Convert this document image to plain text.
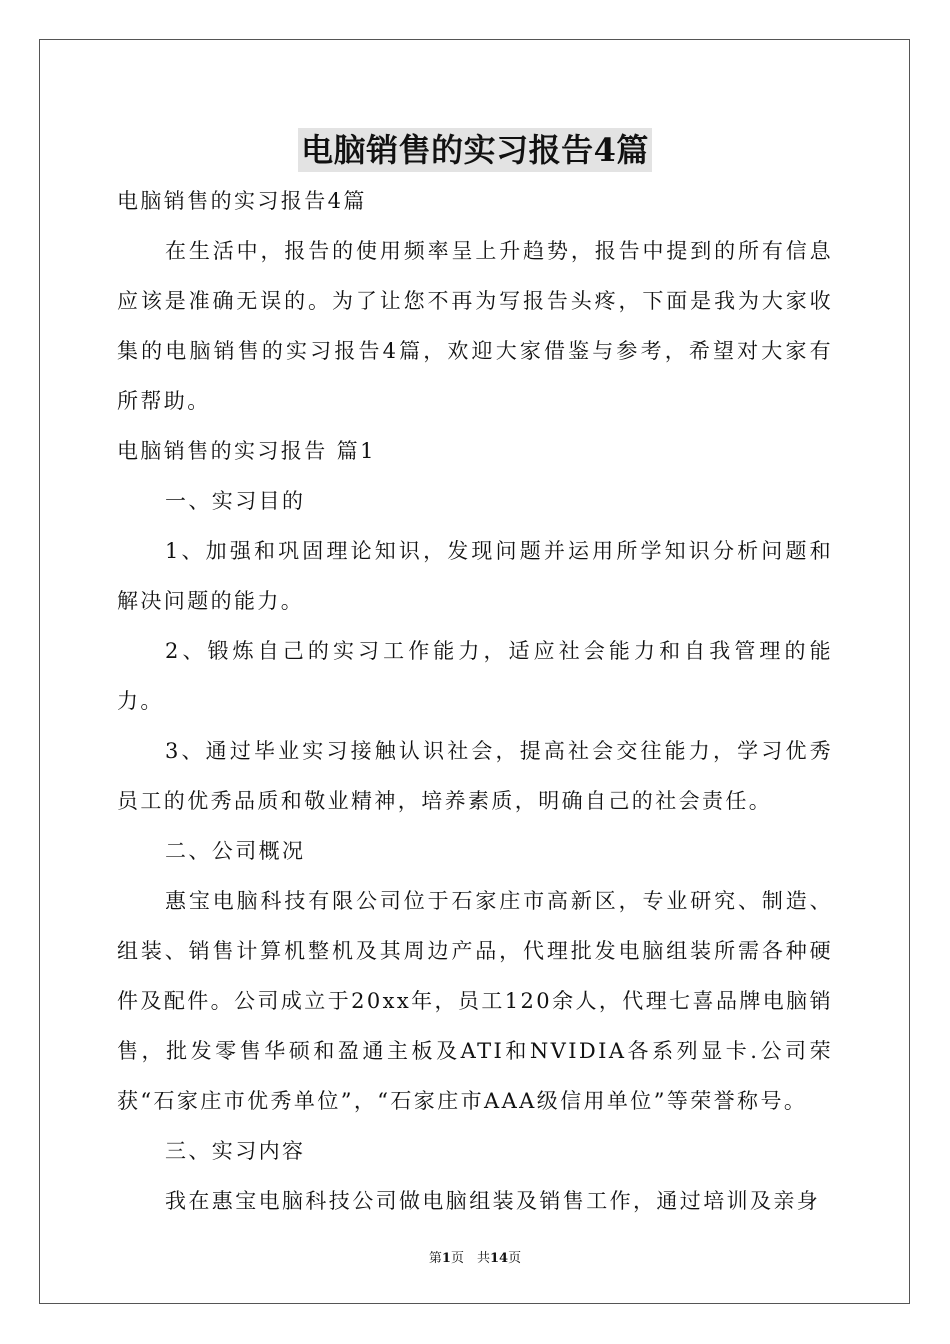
电脑销售的实习报告4篇

电脑销售的实习报告4篇

在生活中，报告的使用频率呈上升趋势，报告中提到的所有信息应该是准确无误的。为了让您不再为写报告头疼，下面是我为大家收集的电脑销售的实习报告4篇，欢迎大家借鉴与参考，希望对大家有所帮助。

电脑销售的实习报告 篇1

一、实习目的

1、加强和巩固理论知识，发现问题并运用所学知识分析问题和解决问题的能力。

2、锻炼自己的实习工作能力，适应社会能力和自我管理的能力。

3、通过毕业实习接触认识社会，提高社会交往能力，学习优秀员工的优秀品质和敬业精神，培养素质，明确自己的社会责任。

二、公司概况

惠宝电脑科技有限公司位于石家庄市高新区，专业研究、制造、组装、销售计算机整机及其周边产品，代理批发电脑组装所需各种硬件及配件。公司成立于20xx年，员工120余人，代理七喜品牌电脑销售，批发零售华硕和盈通主板及ATI和NVIDIA各系列显卡.公司荣获“石家庄市优秀单位”，“石家庄市AAA级信用单位”等荣誉称号。

三、实习内容

我在惠宝电脑科技公司做电脑组装及销售工作，通过培训及亲身

第1页　共14页
